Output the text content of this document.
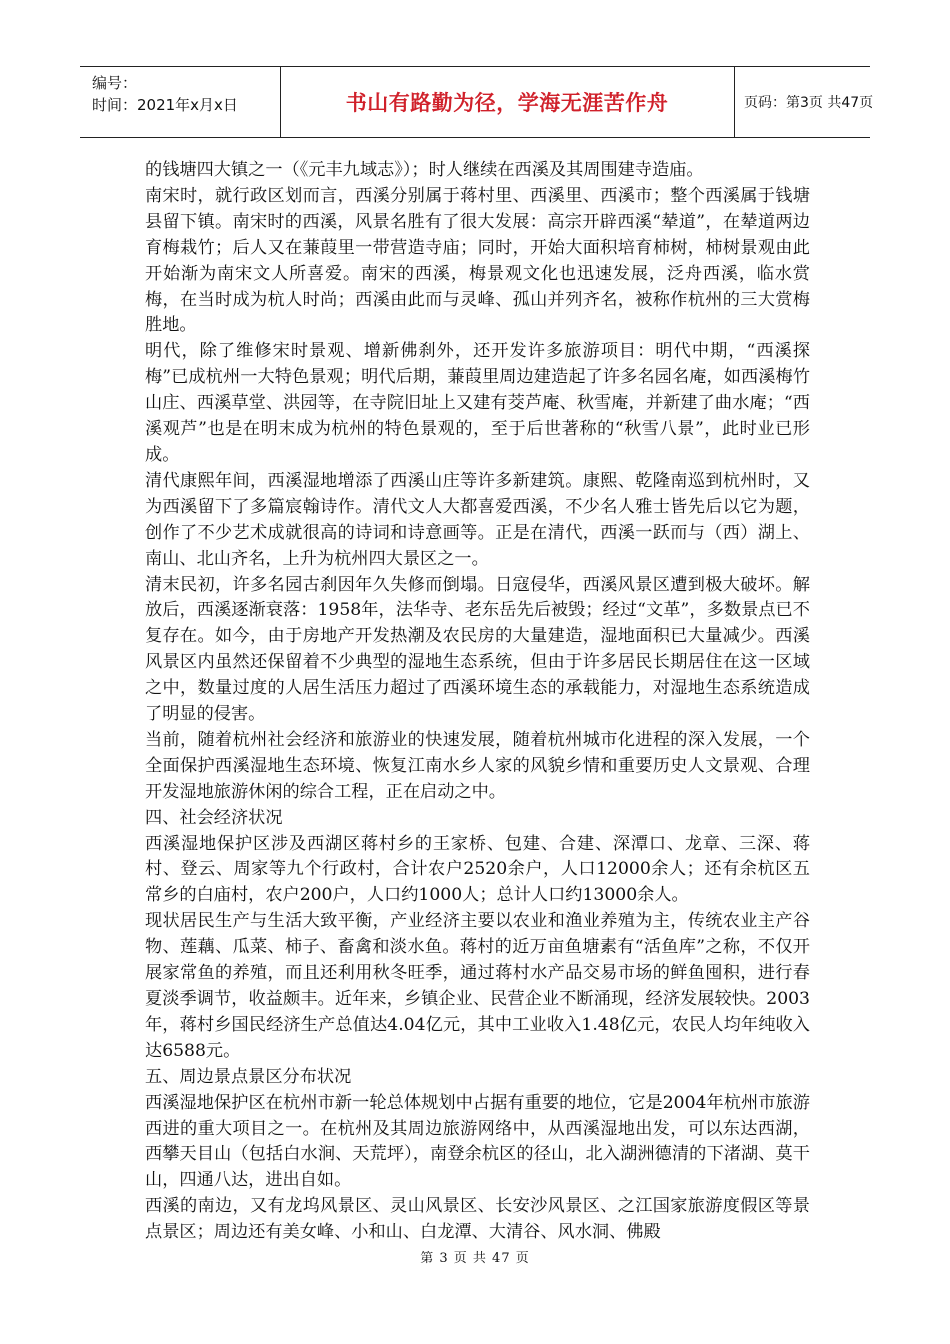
编号：
时间：2021年x月x日	书山有路勤为径，学海无涯苦作舟	页码：第3页 共47页

的钱塘四大镇之一（《元丰九域志》）；时人继续在西溪及其周围建寺造庙。

南宋时，就行政区划而言，西溪分别属于蒋村里、西溪里、西溪市；整个西溪属于钱塘县留下镇。南宋时的西溪，风景名胜有了很大发展：高宗开辟西溪“辇道”，在辇道两边育梅栽竹；后人又在蒹葭里一带营造寺庙；同时，开始大面积培育柿树，柿树景观由此开始渐为南宋文人所喜爱。南宋的西溪，梅景观文化也迅速发展，泛舟西溪，临水赏梅，在当时成为杭人时尚；西溪由此而与灵峰、孤山并列齐名，被称作杭州的三大赏梅胜地。

明代，除了维修宋时景观、增新佛刹外，还开发许多旅游项目：明代中期，“西溪探梅”已成杭州一大特色景观；明代后期，蒹葭里周边建造起了许多名园名庵，如西溪梅竹山庄、西溪草堂、洪园等，在寺院旧址上又建有茭芦庵、秋雪庵，并新建了曲水庵；“西溪观芦”也是在明末成为杭州的特色景观的，至于后世著称的“秋雪八景”，此时业已形成。

清代康熙年间，西溪湿地增添了西溪山庄等许多新建筑。康熙、乾隆南巡到杭州时，又为西溪留下了多篇宸翰诗作。清代文人大都喜爱西溪，不少名人雅士皆先后以它为题，创作了不少艺术成就很高的诗词和诗意画等。正是在清代，西溪一跃而与（西）湖上、南山、北山齐名，上升为杭州四大景区之一。

清末民初，许多名园古刹因年久失修而倒塌。日寇侵华，西溪风景区遭到极大破坏。解放后，西溪逐渐衰落：1958年，法华寺、老东岳先后被毁；经过“文革”，多数景点已不复存在。如今，由于房地产开发热潮及农民房的大量建造，湿地面积已大量减少。西溪风景区内虽然还保留着不少典型的湿地生态系统，但由于许多居民长期居住在这一区域之中，数量过度的人居生活压力超过了西溪环境生态的承载能力，对湿地生态系统造成了明显的侵害。

当前，随着杭州社会经济和旅游业的快速发展，随着杭州城市化进程的深入发展，一个全面保护西溪湿地生态环境、恢复江南水乡人家的风貌乡情和重要历史人文景观、合理开发湿地旅游休闲的综合工程，正在启动之中。

四、社会经济状况

西溪湿地保护区涉及西湖区蒋村乡的王家桥、包建、合建、深潭口、龙章、三深、蒋村、登云、周家等九个行政村，合计农户2520余户，人口12000余人；还有余杭区五常乡的白庙村，农户200户，人口约1000人；总计人口约13000余人。

现状居民生产与生活大致平衡，产业经济主要以农业和渔业养殖为主，传统农业主产谷物、莲藕、瓜菜、柿子、畜禽和淡水鱼。蒋村的近万亩鱼塘素有“活鱼库”之称，不仅开展家常鱼的养殖，而且还利用秋冬旺季，通过蒋村水产品交易市场的鲜鱼囤积，进行春夏淡季调节，收益颇丰。近年来，乡镇企业、民营企业不断涌现，经济发展较快。2003年，蒋村乡国民经济生产总值达4.04亿元，其中工业收入1.48亿元，农民人均年纯收入达6588元。

五、周边景点景区分布状况

西溪湿地保护区在杭州市新一轮总体规划中占据有重要的地位，它是2004年杭州市旅游西进的重大项目之一。在杭州及其周边旅游网络中，从西溪湿地出发，可以东达西湖，西攀天目山（包括白水涧、天荒坪），南登余杭区的径山，北入湖洲德清的下渚湖、莫干山，四通八达，进出自如。

西溪的南边，又有龙坞风景区、灵山风景区、长安沙风景区、之江国家旅游度假区等景点景区；周边还有美女峰、小和山、白龙潭、大清谷、风水洞、佛殿

第 3 页 共 47 页
